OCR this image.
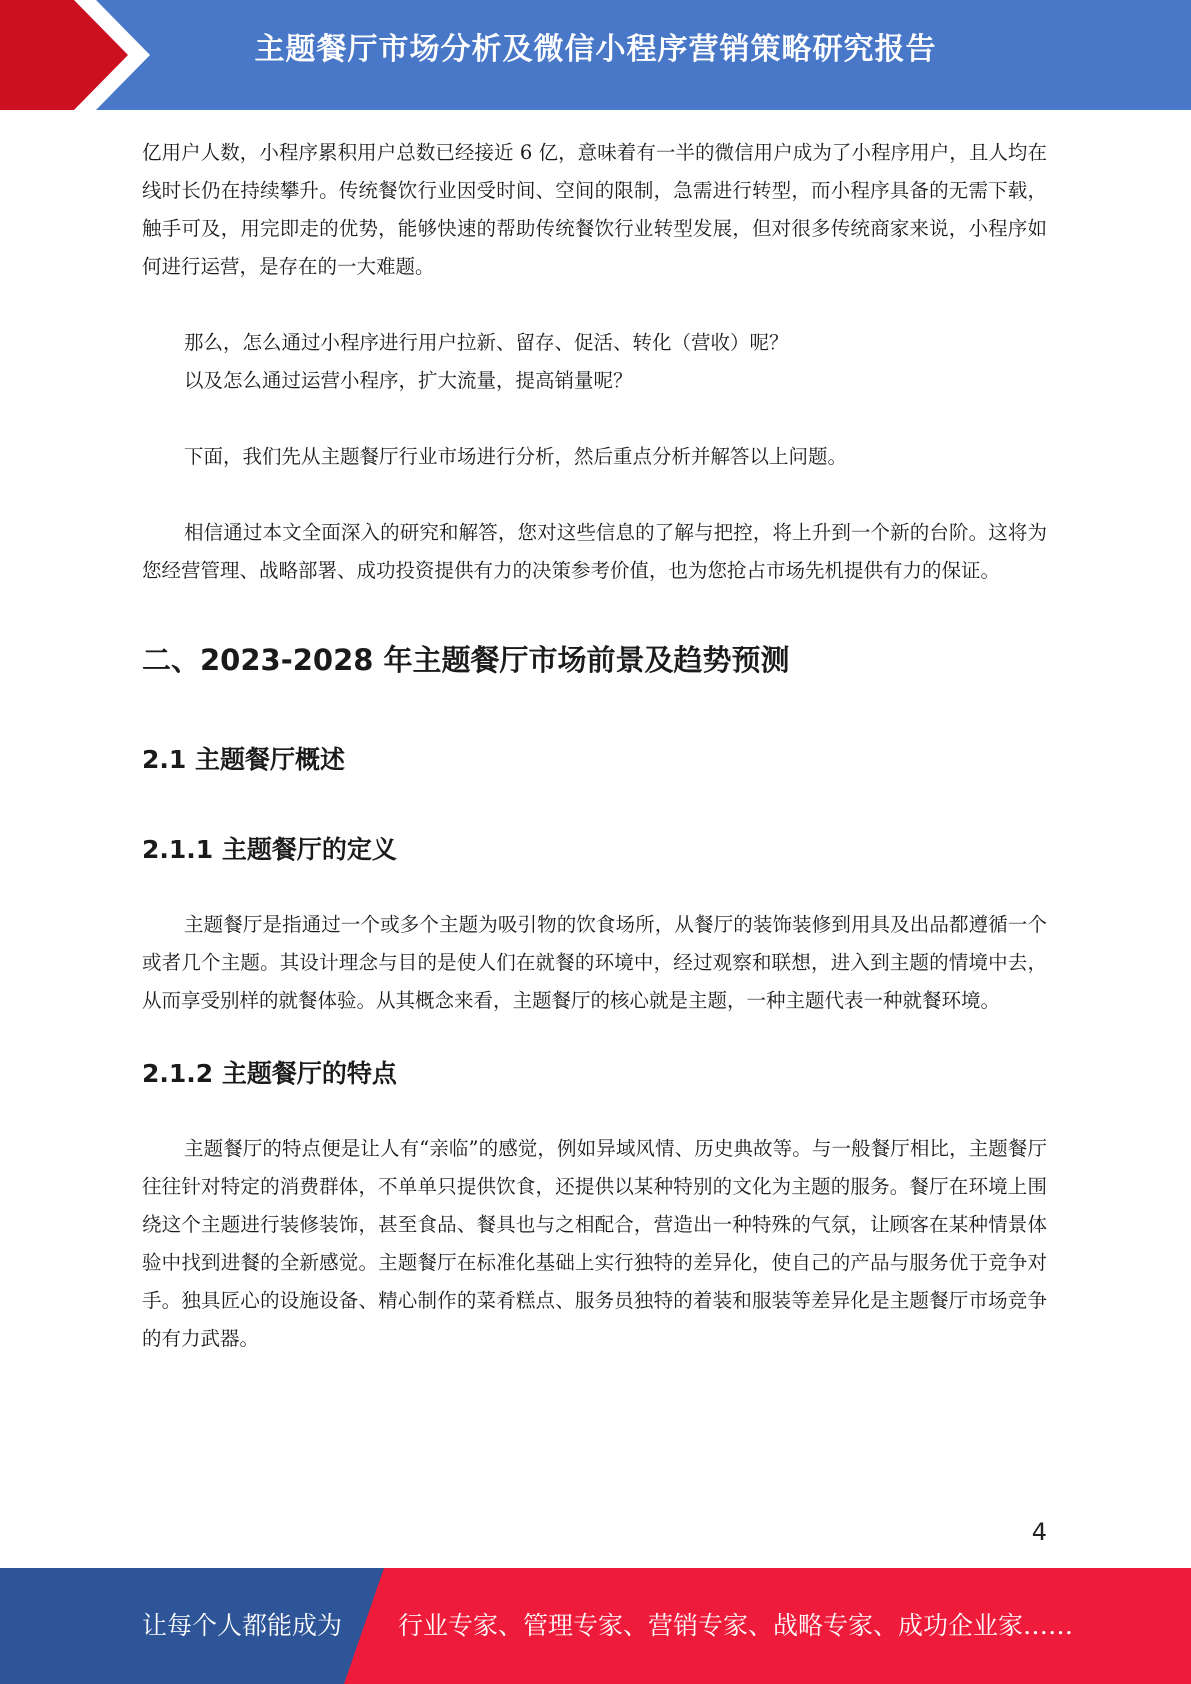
主题餐厅市场分析及微信小程序营销策略研究报告

亿用户人数，小程序累积用户总数已经接近 6 亿，意味着有一半的微信用户成为了小程序用户，且人均在线时长仍在持续攀升。传统餐饮行业因受时间、空间的限制，急需进行转型，而小程序具备的无需下载，触手可及，用完即走的优势，能够快速的帮助传统餐饮行业转型发展，但对很多传统商家来说，小程序如何进行运营，是存在的一大难题。

那么，怎么通过小程序进行用户拉新、留存、促活、转化（营收）呢？

以及怎么通过运营小程序，扩大流量，提高销量呢？

下面，我们先从主题餐厅行业市场进行分析，然后重点分析并解答以上问题。

相信通过本文全面深入的研究和解答，您对这些信息的了解与把控，将上升到一个新的台阶。这将为您经营管理、战略部署、成功投资提供有力的决策参考价值，也为您抢占市场先机提供有力的保证。

二、2023-2028 年主题餐厅市场前景及趋势预测
2.1 主题餐厅概述
2.1.1 主题餐厅的定义

主题餐厅是指通过一个或多个主题为吸引物的饮食场所，从餐厅的装饰装修到用具及出品都遵循一个或者几个主题。其设计理念与目的是使人们在就餐的环境中，经过观察和联想，进入到主题的情境中去，从而享受别样的就餐体验。从其概念来看，主题餐厅的核心就是主题，一种主题代表一种就餐环境。

2.1.2 主题餐厅的特点

主题餐厅的特点便是让人有“亲临”的感觉，例如异域风情、历史典故等。与一般餐厅相比，主题餐厅往往针对特定的消费群体，不单单只提供饮食，还提供以某种特别的文化为主题的服务。餐厅在环境上围绕这个主题进行装修装饰，甚至食品、餐具也与之相配合，营造出一种特殊的气氛，让顾客在某种情景体验中找到进餐的全新感觉。主题餐厅在标准化基础上实行独特的差异化，使自己的产品与服务优于竞争对手。独具匠心的设施设备、精心制作的菜肴糕点、服务员独特的着装和服装等差异化是主题餐厅市场竞争的有力武器。

4
让每个人都能成为 行业专家、管理专家、营销专家、战略专家、成功企业家……
